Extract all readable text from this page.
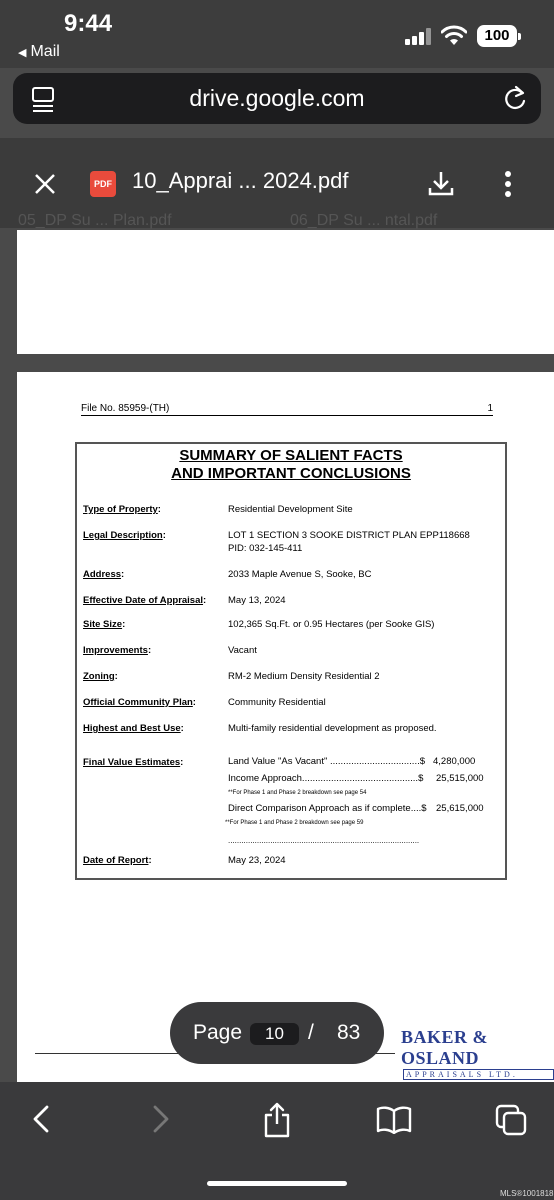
9:44
◀ Mail
100
drive.google.com
05_DP Su ... Plan.pdf	06_DP Su ... ntal.pdf
PDF 10_Apprai ... 2024.pdf
File No. 85959-(TH)	1
SUMMARY OF SALIENT FACTS
AND IMPORTANT CONCLUSIONS
Type of Property:	Residential Development Site
Legal Description:	LOT 1 SECTION 3 SOOKE DISTRICT PLAN EPP118668
PID: 032-145-411
Address:	2033 Maple Avenue S, Sooke, BC
Effective Date of Appraisal: May 13, 2024
Site Size:	102,365 Sq.Ft. or 0.95 Hectares (per Sooke GIS)
Improvements:	Vacant
Zoning:	RM-2 Medium Density Residential 2
Official Community Plan:	Community Residential
Highest and Best Use:	Multi-family residential development as proposed.
Final Value Estimates:	Land Value "As Vacant" ..................................$ 4,280,000
Income Approach............................................$ 25,515,000
**For Phase 1 and Phase 2 breakdown see page 54
Direct Comparison Approach as if complete....$ 25,615,000
**For Phase 1 and Phase 2 breakdown see page 59
......................................................................................
Date of Report:	May 23, 2024
BAKER & OSLAND
APPRAISALS LTD.
Page	10	/ 83
MLS®1001818
